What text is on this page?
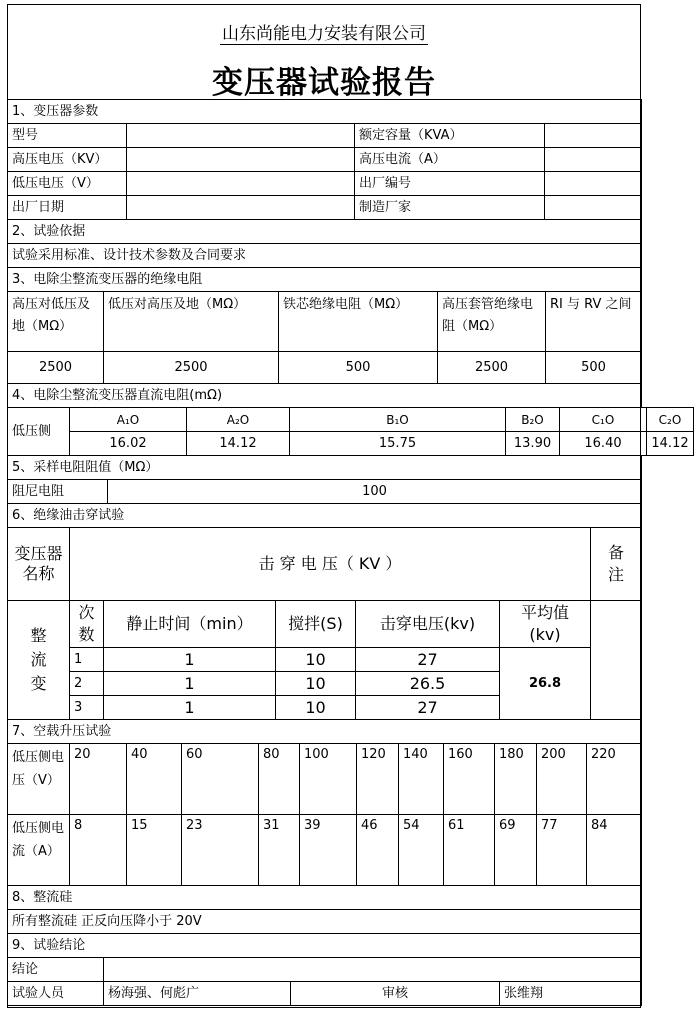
山东尚能电力安装有限公司
变压器试验报告
1、变压器参数			
型号		额定容量（KVA）	
高压电压（KV）		高压电流（A）	
低压电压（V）		出厂编号	
出厂日期		制造厂家	
2、试验依据			
试验采用标准、设计技术参数及合同要求			
3、电除尘整流变压器的绝缘电阻			
高压对低压及地（MΩ）	低压对高压及地（MΩ）	铁芯绝缘电阻（MΩ）	高压套管绝缘电阻（MΩ）	RI 与 RV 之间
2500	2500	500	2500	500
4、电除尘整流变压器直流电阻(mΩ)
低压侧	A₁O	A₂O	B₁O	B₂O	C₁O	C₂O
	16.02	14.12	15.75	13.90	16.40	14.12
5、采样电阻阻值（MΩ）
阻尼电阻	100
6、绝缘油击穿试验
变压器名称	击 穿 电 压（ KV ）					备注
整流变	次数	静止时间（min）	搅拌(S)	击穿电压(kv)	平均值(kv)	
	1	1	10	27	26.8	
	2	1	10	26.5		
	3	1	10	27		
7、空载升压试验											
低压侧电压（V）	20	40	60	80	100	120	140	160	180	200	220
低压侧电流（A）	8	15	23	31	39	46	54	61	69	77	84
8、整流硅			
所有整流硅 正反向压降小于 20V			
9、试验结论			
结论			
试验人员	杨海强、何彪广	审核	张维翔
